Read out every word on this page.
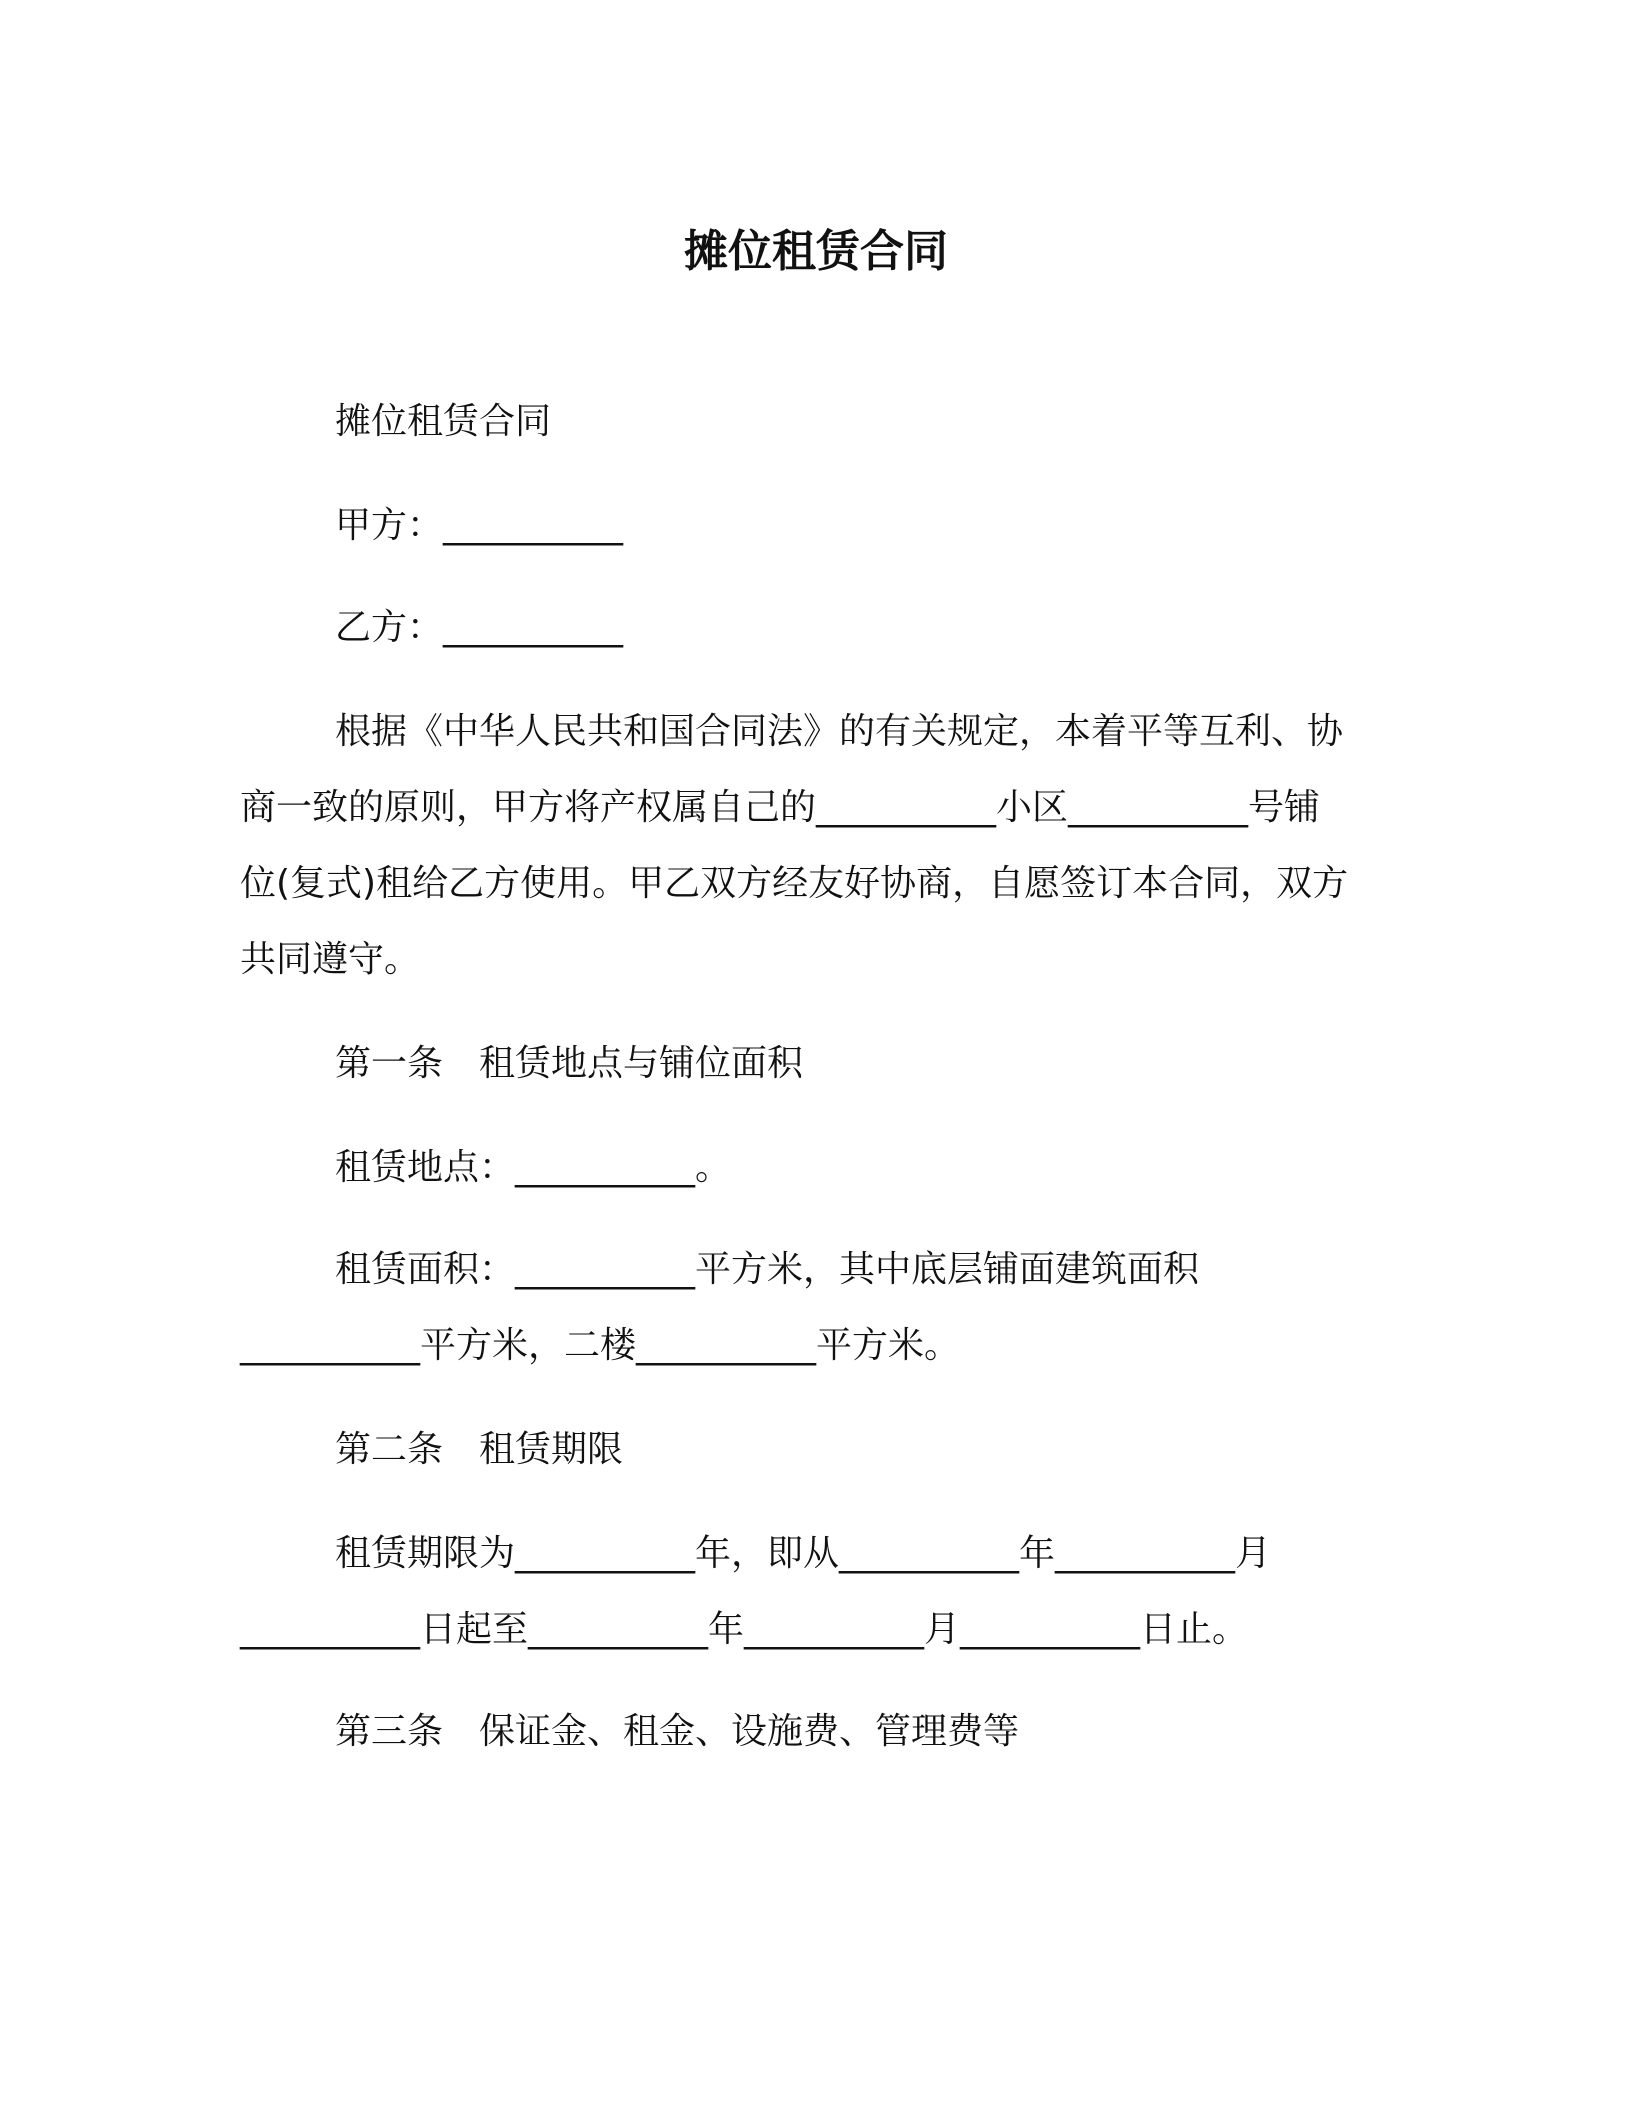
摊位租赁合同
摊位租赁合同
甲方：__________
乙方：__________
根据《中华人民共和国合同法》的有关规定，本着平等互利、协
商一致的原则，甲方将产权属自己的__________小区__________号铺
位(复式)租给乙方使用。甲乙双方经友好协商，自愿签订本合同，双方
共同遵守。
第一条　租赁地点与铺位面积
租赁地点：__________。
租赁面积：__________平方米，其中底层铺面建筑面积
__________平方米，二楼__________平方米。
第二条　租赁期限
租赁期限为__________年，即从__________年__________月
__________日起至__________年__________月__________日止。
第三条　保证金、租金、设施费、管理费等
